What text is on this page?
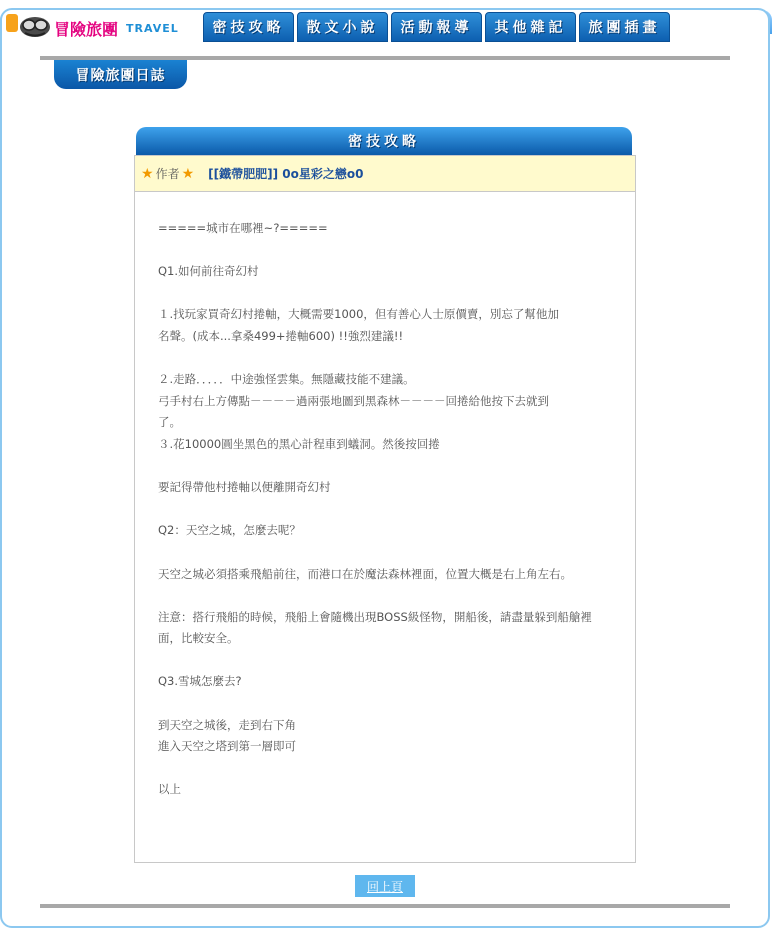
冒險旅團 TRAVEL	密技攻略	散文小說	活動報導	其他雜記	旅團插畫
冒險旅團日誌
密技攻略
★ 作者 ★ [[鐵帶肥肥]] 0o星彩之戀o0
=====城市在哪裡~?=====

Q1.如何前往奇幻村

１.找玩家買奇幻村捲軸，大概需要1000，但有善心人士原價賣，別忘了幫他加
名聲。(成本...拿桑499+捲軸600) !!強烈建議!!

２.走路．．．．．中途強怪雲集。無隱藏技能不建議。
弓手村右上方傳點－－－－過兩張地圖到黑森林－－－－回捲給他按下去就到
了。
３.花10000圓坐黑色的黑心計程車到蟻洞。然後按回捲

要記得帶他村捲軸以便離開奇幻村

Q2：天空之城，怎麼去呢？

天空之城必須搭乘飛船前往，而港口在於魔法森林裡面，位置大概是右上角左右。

注意：搭行飛船的時候，飛船上會隨機出現BOSS級怪物，開船後，請盡量躲到船艙裡
面，比較安全。

Q3.雪城怎麼去?

到天空之城後，走到右下角
進入天空之塔到第一層即可

以上
回上頁
